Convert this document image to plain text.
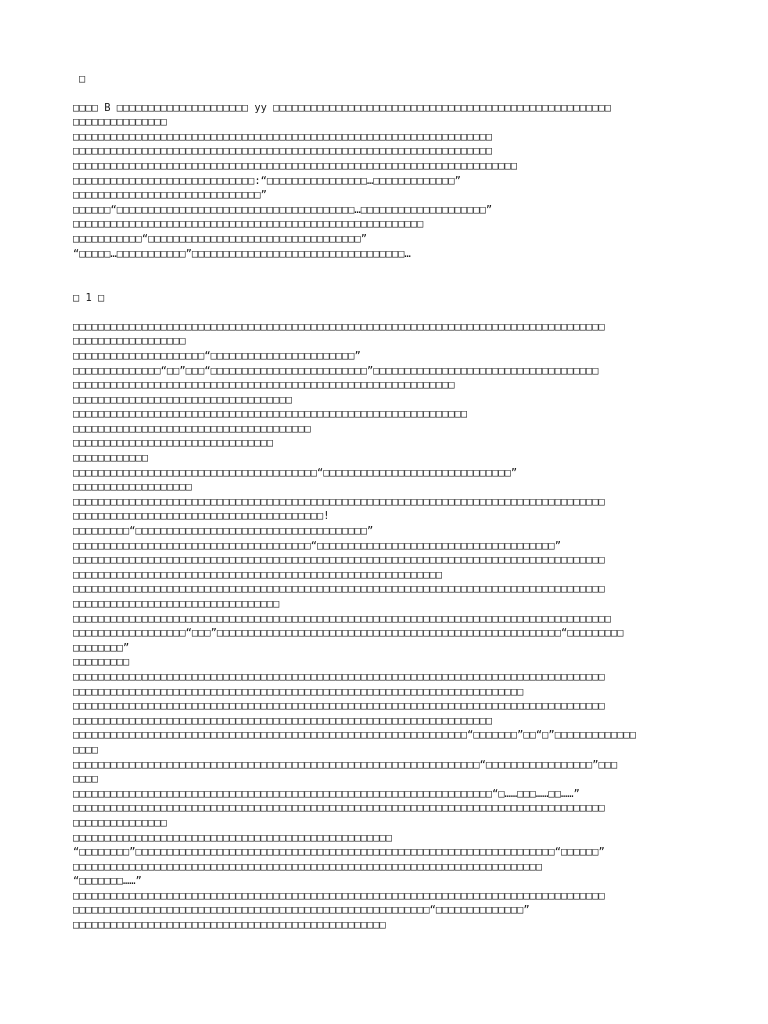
□
□□□□ B □□□□□□□□□□□□□□□□□□□□□ yy □□□□□□□□□□□□□□□□□□□□□□□□□□□□□□□□□□□□□□□□□□□□□□□□□□□□□□
□□□□□□□□□□□□□□□
□□□□□□□□□□□□□□□□□□□□□□□□□□□□□□□□□□□□□□□□□□□□□□□□□□□□□□□□□□□□□□□□□□□
□□□□□□□□□□□□□□□□□□□□□□□□□□□□□□□□□□□□□□□□□□□□□□□□□□□□□□□□□□□□□□□□□□□
□□□□□□□□□□□□□□□□□□□□□□□□□□□□□□□□□□□□□□□□□□□□□□□□□□□□□□□□□□□□□□□□□□□□□□□
□□□□□□□□□□□□□□□□□□□□□□□□□□□□□:“□□□□□□□□□□□□□□□□…□□□□□□□□□□□□□”
□□□□□□□□□□□□□□□□□□□□□□□□□□□□□□”
□□□□□□“□□□□□□□□□□□□□□□□□□□□□□□□□□□□□□□□□□□□□□…□□□□□□□□□□□□□□□□□□□□”
□□□□□□□□□□□□□□□□□□□□□□□□□□□□□□□□□□□□□□□□□□□□□□□□□□□□□□□□
□□□□□□□□□□□“□□□□□□□□□□□□□□□□□□□□□□□□□□□□□□□□□□”
“□□□□□…□□□□□□□□□□□”□□□□□□□□□□□□□□□□□□□□□□□□□□□□□□□□□□…
□ 1 □
□□□□□□□□□□□□□□□□□□□□□□□□□□□□□□□□□□□□□□□□□□□□□□□□□□□□□□□□□□□□□□□□□□□□□□□□□□□□□□□□□□□□□
□□□□□□□□□□□□□□□□□□
□□□□□□□□□□□□□□□□□□□□□“□□□□□□□□□□□□□□□□□□□□□□□”
□□□□□□□□□□□□□□“□□”□□□“□□□□□□□□□□□□□□□□□□□□□□□□□”□□□□□□□□□□□□□□□□□□□□□□□□□□□□□□□□□□□□
□□□□□□□□□□□□□□□□□□□□□□□□□□□□□□□□□□□□□□□□□□□□□□□□□□□□□□□□□□□□□
□□□□□□□□□□□□□□□□□□□□□□□□□□□□□□□□□□□
□□□□□□□□□□□□□□□□□□□□□□□□□□□□□□□□□□□□□□□□□□□□□□□□□□□□□□□□□□□□□□□
□□□□□□□□□□□□□□□□□□□□□□□□□□□□□□□□□□□□□□
□□□□□□□□□□□□□□□□□□□□□□□□□□□□□□□□
□□□□□□□□□□□□
□□□□□□□□□□□□□□□□□□□□□□□□□□□□□□□□□□□□□□□“□□□□□□□□□□□□□□□□□□□□□□□□□□□□□□”
□□□□□□□□□□□□□□□□□□□
□□□□□□□□□□□□□□□□□□□□□□□□□□□□□□□□□□□□□□□□□□□□□□□□□□□□□□□□□□□□□□□□□□□□□□□□□□□□□□□□□□□□□
□□□□□□□□□□□□□□□□□□□□□□□□□□□□□□□□□□□□□□□□!
□□□□□□□□□“□□□□□□□□□□□□□□□□□□□□□□□□□□□□□□□□□□□□□”
□□□□□□□□□□□□□□□□□□□□□□□□□□□□□□□□□□□□□□“□□□□□□□□□□□□□□□□□□□□□□□□□□□□□□□□□□□□□□”
□□□□□□□□□□□□□□□□□□□□□□□□□□□□□□□□□□□□□□□□□□□□□□□□□□□□□□□□□□□□□□□□□□□□□□□□□□□□□□□□□□□□□
□□□□□□□□□□□□□□□□□□□□□□□□□□□□□□□□□□□□□□□□□□□□□□□□□□□□□□□□□□□
□□□□□□□□□□□□□□□□□□□□□□□□□□□□□□□□□□□□□□□□□□□□□□□□□□□□□□□□□□□□□□□□□□□□□□□□□□□□□□□□□□□□□
□□□□□□□□□□□□□□□□□□□□□□□□□□□□□□□□□
□□□□□□□□□□□□□□□□□□□□□□□□□□□□□□□□□□□□□□□□□□□□□□□□□□□□□□□□□□□□□□□□□□□□□□□□□□□□□□□□□□□□□□
□□□□□□□□□□□□□□□□□□“□□□”□□□□□□□□□□□□□□□□□□□□□□□□□□□□□□□□□□□□□□□□□□□□□□□□□□□□□□□“□□□□□□□□□
□□□□□□□□”
□□□□□□□□□
□□□□□□□□□□□□□□□□□□□□□□□□□□□□□□□□□□□□□□□□□□□□□□□□□□□□□□□□□□□□□□□□□□□□□□□□□□□□□□□□□□□□□
□□□□□□□□□□□□□□□□□□□□□□□□□□□□□□□□□□□□□□□□□□□□□□□□□□□□□□□□□□□□□□□□□□□□□□□□
□□□□□□□□□□□□□□□□□□□□□□□□□□□□□□□□□□□□□□□□□□□□□□□□□□□□□□□□□□□□□□□□□□□□□□□□□□□□□□□□□□□□□
□□□□□□□□□□□□□□□□□□□□□□□□□□□□□□□□□□□□□□□□□□□□□□□□□□□□□□□□□□□□□□□□□□□
□□□□□□□□□□□□□□□□□□□□□□□□□□□□□□□□□□□□□□□□□□□□□□□□□□□□□□□□□□□□□□□“□□□□□□□”□□“□”□□□□□□□□□□□□□
□□□□
□□□□□□□□□□□□□□□□□□□□□□□□□□□□□□□□□□□□□□□□□□□□□□□□□□□□□□□□□□□□□□□□□“□□□□□□□□□□□□□□□□□”□□□
□□□□
□□□□□□□□□□□□□□□□□□□□□□□□□□□□□□□□□□□□□□□□□□□□□□□□□□□□□□□□□□□□□□□□□□□“□……□□□……□□……”
□□□□□□□□□□□□□□□□□□□□□□□□□□□□□□□□□□□□□□□□□□□□□□□□□□□□□□□□□□□□□□□□□□□□□□□□□□□□□□□□□□□□□
□□□□□□□□□□□□□□□
□□□□□□□□□□□□□□□□□□□□□□□□□□□□□□□□□□□□□□□□□□□□□□□□□□□
“□□□□□□□□”□□□□□□□□□□□□□□□□□□□□□□□□□□□□□□□□□□□□□□□□□□□□□□□□□□□□□□□□□□□□□□□□□□□“□□□□□□”
□□□□□□□□□□□□□□□□□□□□□□□□□□□□□□□□□□□□□□□□□□□□□□□□□□□□□□□□□□□□□□□□□□□□□□□□□□□
“□□□□□□□……”
□□□□□□□□□□□□□□□□□□□□□□□□□□□□□□□□□□□□□□□□□□□□□□□□□□□□□□□□□□□□□□□□□□□□□□□□□□□□□□□□□□□□□
□□□□□□□□□□□□□□□□□□□□□□□□□□□□□□□□□□□□□□□□□□□□□□□□□□□□□□□□□“□□□□□□□□□□□□□□”
□□□□□□□□□□□□□□□□□□□□□□□□□□□□□□□□□□□□□□□□□□□□□□□□□□
